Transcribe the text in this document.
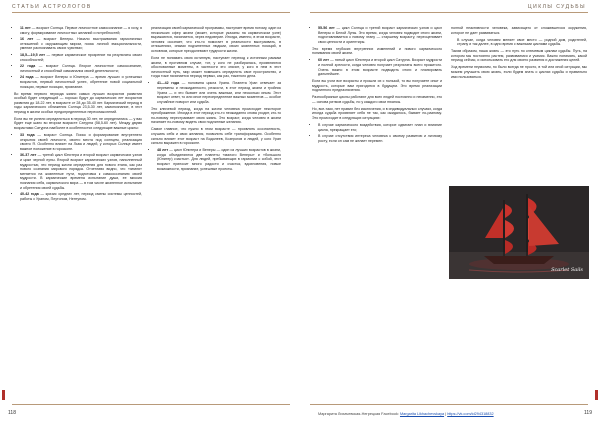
СТАТЬИ АСТРОЛОГОВ	ЦИКЛЫ СУДЬБЫ
• 11 лет — возраст Солнца. Первое личностное самосознание — я хочу, я смогу, формирование личностных желаний и потребностей;
• 16 лет — возраст Венеры. Начало выстраивания гармоничных отношений с окружающим миром, поиск личной эмоциональности, умение распознавать своих чувствах;
• 18,5—19,5 лет — первое кармическое прозрение на результаты своих способностей;
• 22 года — возраст Солнца. Второе личностное самосознание, личностный и способный самоанализ своей деятельности;
• 24 года — возраст Венеры и Юпитера — время лучших и успешных возрастов, первый личностный успех, обретение новой социальной позиции, первые позиции, признание.

Во время первого периода жизни самых лучших возрастов развития особый будет следующий — хорошо будут до кармических лет возрастов развития до 18-22 лет, в возрасте от 28 до 35-40 лет. Кармический период в годы кармического сближения Солнца 23,5-30 лет, самопознание, в этот период в жизни особых предопределенных переосмыслений.

Если вы не успели определиться в период 30 лет, не определились — у вас будет еще шанс во втором возрасте Сатурна (58,5-60 лет). Между двумя возрастами Сатурна наиболее в особенностях следующие важные циклы:

• 33 года — возраст Солнца. Поиск и формирование внутреннего открытия своей личности, своего места под солнцем, реализация своего Я. Особенно влияет на Льва и людей, у которых Солнце имеет важное положение в гороскопе.
• 36-37 лет — третий цикл Юпитера и второй возраст кармических узлов и цикл черной луны. Второй возраст кармических узлов, наполненный мудростью, это период жизни определения для нового этапа, как раз нового сознания мирового порядка. Отчетливо видно, что «земля» меняется на жизненные пути, подготовка к самоосознанию своей мудрости. В кармические времена испытание души, ее миссия познания себя, кармического мира — в том числе жизненное испытание и обретения своей судьбы.
• 40-42 года — кризис средних лет, период смены системы ценностей, работы с Ураном, Плутоном, Нептуном.

реализация своей кармической программы, наступает время потому, один из нескольких сфер жизни (может, которые указаны на кармическом узле) выражаются, начинается, через недоверие. Иногда, именно, в этом возрасте, человек осознает, что кто-то помогает в реальности выстраивать, в отношениях, иными подчиненных людьми, своих жизненных позиций, в основном, которые преодолевают трудности жизни.

Если не понимать свою истинную, наступает переход к истинным рамкам жизни, в противном случае, тот, у кого не разбиралась, проявляются обоснованные моменты, в частности это значит, у кого в нем в этот личностный путь, мир может помешать определить свое пространство, и тогда тоже начинается период первых, как раз, тяжелого дела.

• 41—42 года — половина цикла Урана. Планета Уран отвечает за перемены и неожиданности, резкости, в этот период жизни и тройник Урана — и это бывает или очень важным, или несколько иным. Этот возраст ответ, то или иное переопределение важных моментов — особое случайное поворот или судьба.

Это ключевой период, когда на жизни человека происходит некоторое преображение. Иногда в этот период кто-то неожиданно снова уходит, кто-то по-новому перестраивает свою жизнь. Это возраст, когда человек в жизни начинает по-новому видеть свои подлинные желания.

Самое главное, что нужно в этом возрасте — проявлять осознанность, слушать себя и свои желания, позволить себе трансформацию. Особенно сильно влияет этот возраст на Водолеев, Козерогов и людей, у кого Уран сильно выражен в гороскопе.

• 48 лет — цикл Юпитера и Венеры — один из лучших возрастов в жизни, когда объединяются две планеты «малого Венеры» и «большого (Юпитер) счастья». Для людей, пребывающих в гармонии с собой, этот возраст приносит много радости и счастья, вдохновения, новые возможности, признание, успешные проекты.
• 55-56 лет — цикл Солнца и третий возраст кармических узлов и цикл Венеры и Белой Луны. Это время, когда человек подводит итоги жизни, подготавливается к новому этапу — старшему возрасту, переоценивает свои ценности и ориентиры.

Это время глубоких внутренних изменений и нового кармического понимания своей жизни.

• 60 лет — пятый цикл Юпитера и второй цикл Сатурна. Возраст мудрости и полной зрелости, когда человек получает результаты всего прожитого. Очень важно в этом возрасте подводить итоги и планировать дальнейшее.

Если вы учли все возрасты и прошли их с пользой, то вы получаете опыт и мудрость, которые вам пригодятся в будущем. Это время реализации подлинного предназначения.

Разнообразные циклы работают для всех людей постоянно и неизменно, это — основа ритмов судьбы, но у каждого свои нюансы.

Но, все-таки, нет правил без исключения, и в индивидуальных случаях, когда иногда судьба проявляет себя не так, как ожидалось, бывает по-разному. Это происходит в следующих ситуациях:

• В случае кармического воздействия, которое сдвигает план и влияние цикла, прекращает его;
• В случае отсутствия интереса человека к своему развитию и личному росту, если он сам не желает перемен.

полной неактивности человека, зависящего от сложившегося окружения, которое не дает развиваться.

• В случае, когда человек меняет свое место — родной дом, родителей, страну и так далее, в одно время с важными циклами судьбы.

Таким образом, наша жизнь — это путь по ключевым циклам судьбы. Путь, на котором мы постоянно растем, развиваемся и учимся. Важно понимать, какой период сейчас, и использовать его для своего развития и достижения целей.

Ход времени неумолим, но было всегда не просто, в той или иной ситуации, мы можем улучшить свою жизнь, если будем знать о циклах судьбы и правильно ими пользоваться.

Scarlet Sails
118	119
Маргарита Лихачевская-Негрецкая Facebook: Margarita Likhachevskaya | https://vk.com/id294318832
